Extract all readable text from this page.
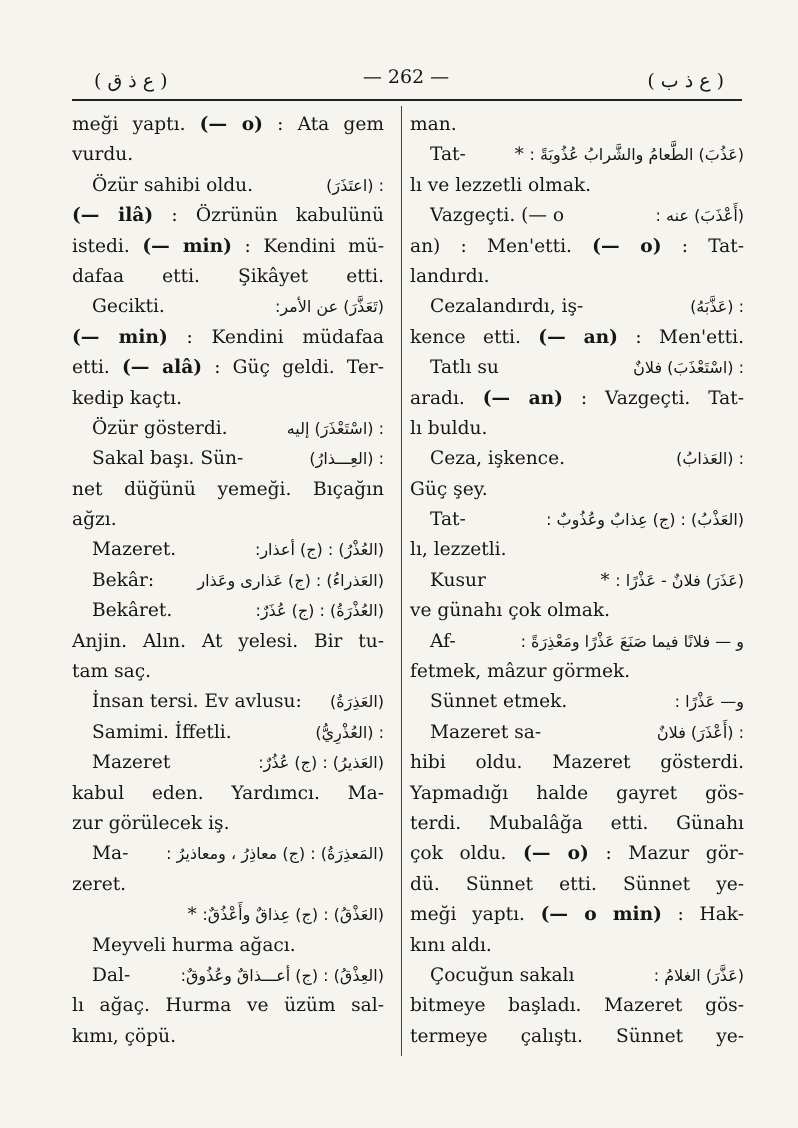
( ع ذ ق )	— 262 —	( ع ذ ب )
meği yaptı. (— o) : Ata gem
vurdu.
Özür sahibi oldu.	: (اعتَذَرَ)
(— ilâ) : Özrünün kabulünü
istedi. (— min) : Kendini mü-
dafaa etti. Şikâyet etti.
Gecikti.	(تَعَذَّرَ) عن الأمر:
(— min) : Kendini müdafaa
etti. (— alâ) : Güç geldi. Ter-
kedip kaçtı.
Özür gösterdi.	: (اسْتَعْذَرَ) إليه
Sakal başı. Sün-	: (العِـــذارُ)
net düğünü yemeği. Bıçağın
ağzı.
Mazeret.	(العُذْرُ) : (ج) أعذار:
Bekâr:	(العَذراءُ) : (ج) عَذارى وعَذار
Bekâret.	(العُذْرَةُ) : (ج) عُذَرٌ:
Anjin. Alın. At yelesi. Bir tu-
tam saç.
İnsan tersi. Ev avlusu: (العَذِرَةُ)
Samimi. İffetli.	: (العُذْرِيُّ)
Mazeret	(العَذيرُ) : (ج) عُذُرٌ:
kabul eden. Yardımcı. Ma-
zur görülecek iş.
Ma- (المَعذِرَةُ) : (ج) معاذِرُ ، ومعاذيرُ :
zeret.
(العَذْقُ) : (ج) عِذاقٌ وأَعْذُقٌ: *
Meyveli hurma ağacı.
Dal-	(العِذْقُ) : (ج) أعـــذاقٌ وعُذُوقٌ:
lı ağaç. Hurma ve üzüm sal-
kımı, çöpü.
man.
Tat-	(عَذُبَ) الطَّعامُ والشَّرابُ عُذُوبَةً : *
lı ve lezzetli olmak.
Vazgeçti. (— o	(أَعْذَبَ) عنه :
an) : Men'etti. (— o) : Tat-
landırdı.
Cezalandırdı, iş-	: (عَذَّبَهُ)
kence etti. (— an) : Men'etti.
Tatlı su	: (اسْتَعْذَبَ) فلانٌ
aradı. (— an) : Vazgeçti. Tat-
lı buldu.
Ceza, işkence.	: (العَذابُ)
Güç şey.
Tat-	(العَذْبُ) : (ج) عِذابٌ وعُذُوبٌ :
lı, lezzetli.
Kusur	(عَذَرَ) فلانٌ - عَذْرًا : *
ve günahı çok olmak.
Af-	و — فلانًا فيما صَنَعَ عَذْرًا ومَعْذِرَةً :
fetmek, mâzur görmek.
Sünnet etmek.	و— عَذْرًا :
Mazeret sa-	: (أَعْذَرَ) فلانٌ
hibi oldu. Mazeret gösterdi.
Yapmadığı halde gayret gös-
terdi. Mubalâğa etti. Günahı
çok oldu. (— o) : Mazur gör-
dü. Sünnet etti. Sünnet ye-
meği yaptı. (— o min) : Hak-
kını aldı.
Çocuğun sakalı	(عَذَّرَ) الغلامُ :
bitmeye başladı. Mazeret gös-
termeye çalıştı. Sünnet ye-
